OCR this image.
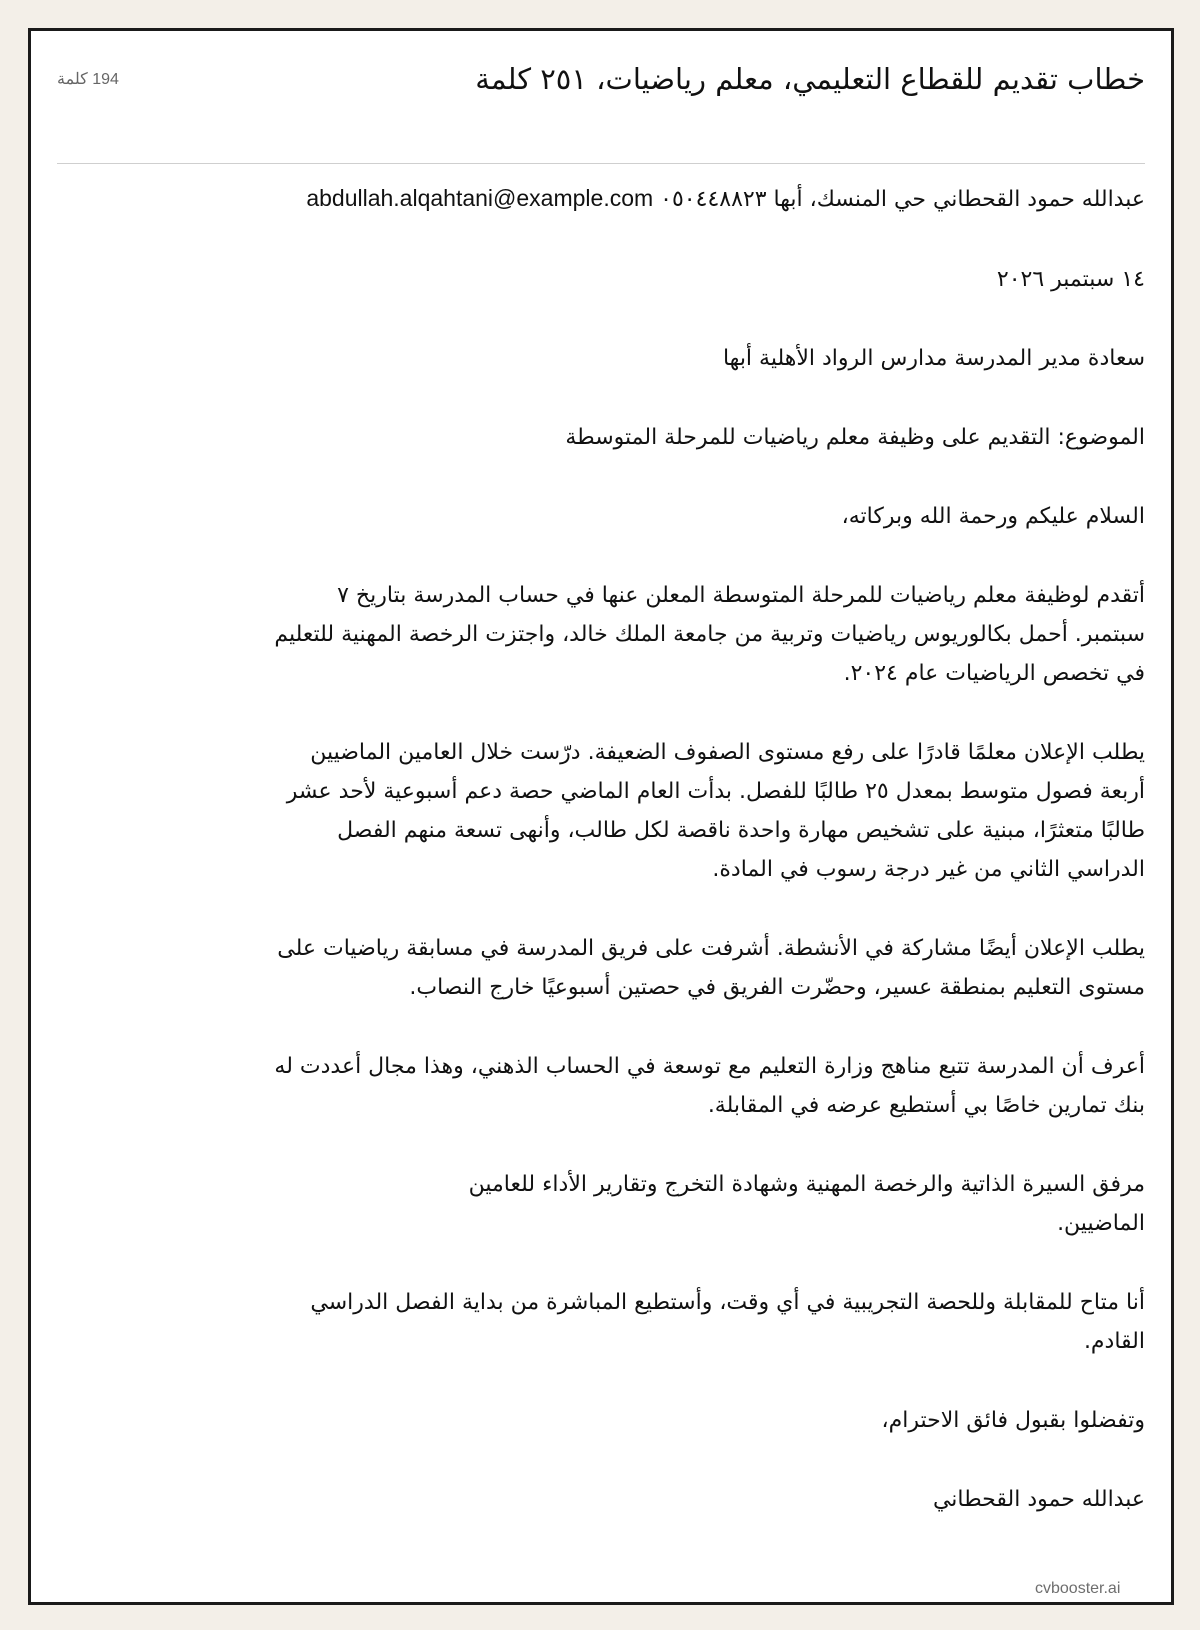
خطاب تقديم للقطاع التعليمي، معلم رياضيات، ٢٥١ كلمة
194 كلمة

عبدالله حمود القحطاني حي المنسك، أبها ٠٥٠٤٤٨٨٢٣ abdullah.alqahtani@example.com

١٤ سبتمبر ٢٠٢٦

سعادة مدير المدرسة مدارس الرواد الأهلية أبها

الموضوع: التقديم على وظيفة معلم رياضيات للمرحلة المتوسطة

السلام عليكم ورحمة الله وبركاته،

أتقدم لوظيفة معلم رياضيات للمرحلة المتوسطة المعلن عنها في حساب المدرسة بتاريخ ٧ سبتمبر. أحمل بكالوريوس رياضيات وتربية من جامعة الملك خالد، واجتزت الرخصة المهنية للتعليم في تخصص الرياضيات عام ٢٠٢٤.

يطلب الإعلان معلمًا قادرًا على رفع مستوى الصفوف الضعيفة. درّست خلال العامين الماضيين أربعة فصول متوسط بمعدل ٢٥ طالبًا للفصل. بدأت العام الماضي حصة دعم أسبوعية لأحد عشر طالبًا متعثرًا، مبنية على تشخيص مهارة واحدة ناقصة لكل طالب، وأنهى تسعة منهم الفصل الدراسي الثاني من غير درجة رسوب في المادة.

يطلب الإعلان أيضًا مشاركة في الأنشطة. أشرفت على فريق المدرسة في مسابقة رياضيات على مستوى التعليم بمنطقة عسير، وحضّرت الفريق في حصتين أسبوعيًا خارج النصاب.

أعرف أن المدرسة تتبع مناهج وزارة التعليم مع توسعة في الحساب الذهني، وهذا مجال أعددت له بنك تمارين خاصًا بي أستطيع عرضه في المقابلة.

مرفق السيرة الذاتية والرخصة المهنية وشهادة التخرج وتقارير الأداء للعامين الماضيين.

أنا متاح للمقابلة وللحصة التجريبية في أي وقت، وأستطيع المباشرة من بداية الفصل الدراسي القادم.

وتفضلوا بقبول فائق الاحترام،

عبدالله حمود القحطاني

cvbooster.ai
